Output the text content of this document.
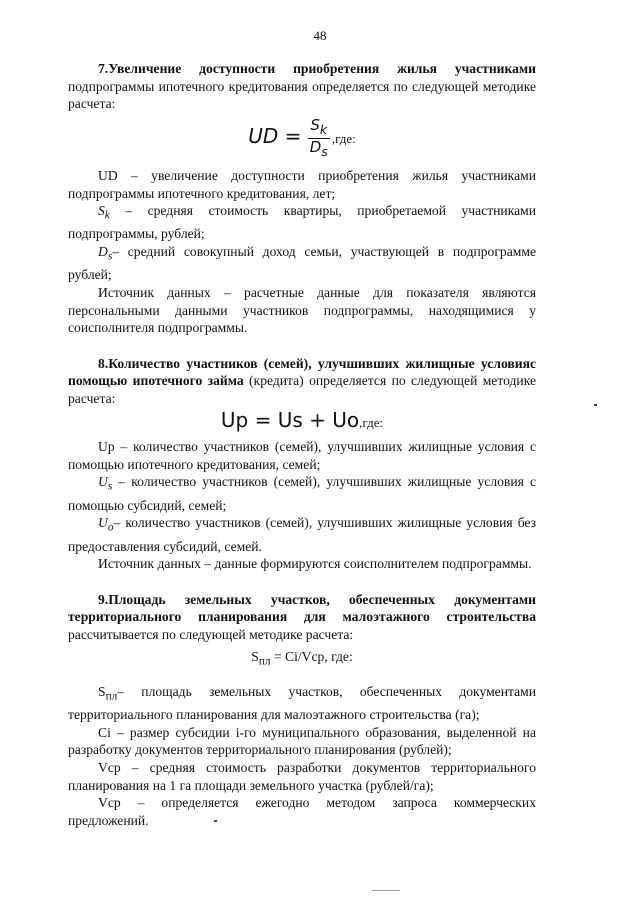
48

7.Увеличение доступности приобретения жилья участниками подпрограммы ипотечного кредитования определяется по следующей методике расчета:

UD = $\frac{S_k}{D_s} ,где$:

UD – увеличение доступности приобретения жилья участниками подпрограммы ипотечного кредитования, лет;

$S_k$ – средняя стоимость квартиры, приобретаемой участниками подпрограммы, рублей;

$D_s-$ средний совокупный доход семьи, участвующей в подпрограмме рублей;

Источник данных – расчетные данные для показателя являются персональными данными участников подпрограммы, находящимися у соисполнителя подпрограммы.

8.Количество участников (семей), улучшивших жилищные условияс помощью ипотечного займа (кредита) определяется по следующей методике расчета:

Up = Us + Uo,где:

Up – количество участников (семей), улучшивших жилищные условия с помощью ипотечного кредитования, семей;

$U_s$ – количество участников (семей), улучшивших жилищные условия с помощью субсидий, семей;

$U_o-$ количество участников (семей), улучшивших жилищные условия без предоставления субсидий, семей.

Источник данных – данные формируются соисполнителем подпрограммы.

9.Площадь земельных участков, обеспеченных документами территориального планирования для малоэтажного строительства рассчитывается по следующей методике расчета:

$S_{пл} = Ci/Vcp$, где:

$S_{пл}-$ площадь земельных участков, обеспеченных документами территориального планирования для малоэтажного строительства (га);

Ci – размер субсидии i-го муниципального образования, выделенной на разработку документов территориального планирования (рублей);

Vcp – средняя стоимость разработки документов территориального планирования на 1 га площади земельного участка (рублей/га);

Vcp – определяется ежегодно методом запроса коммерческих предложений.
